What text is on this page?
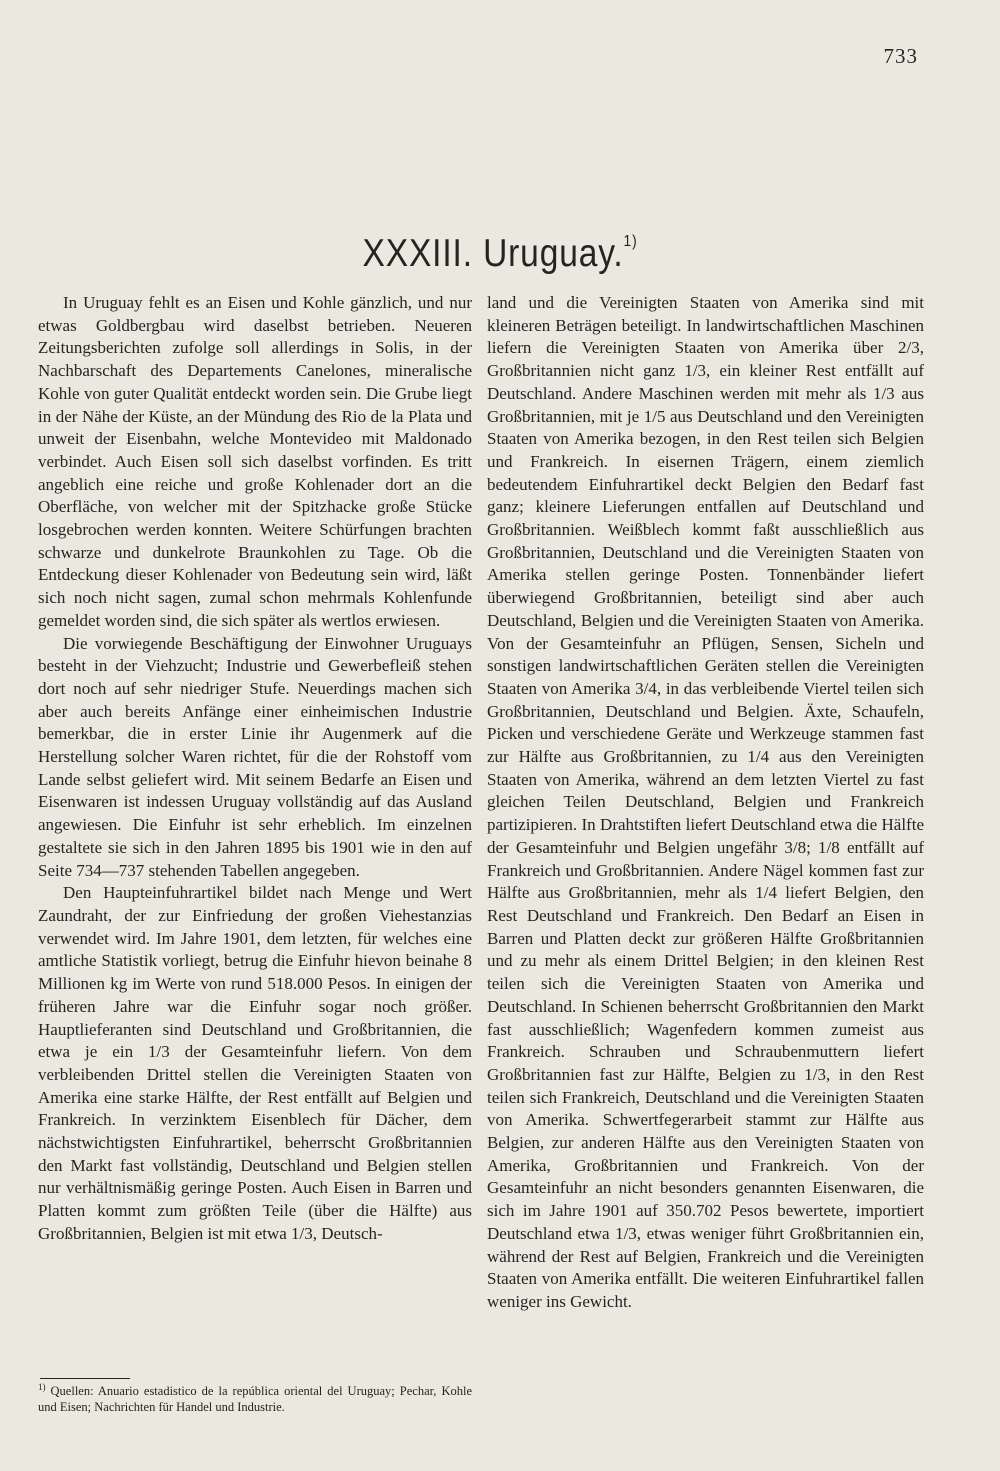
733
XXXIII. Uruguay.$^{1)}$

In Uruguay fehlt es an Eisen und Kohle gänzlich, und nur etwas Goldbergbau wird daselbst betrieben. Neueren Zeitungsberichten zufolge soll allerdings in Solis, in der Nachbarschaft des Departements Canelones, mineralische Kohle von guter Qualität entdeckt worden sein. Die Grube liegt in der Nähe der Küste, an der Mündung des Rio de la Plata und unweit der Eisenbahn, welche Montevideo mit Maldonado verbindet. Auch Eisen soll sich daselbst vorfinden. Es tritt angeblich eine reiche und große Kohlenader dort an die Oberfläche, von welcher mit der Spitzhacke große Stücke losgebrochen werden konnten. Weitere Schürfungen brachten schwarze und dunkelrote Braunkohlen zu Tage. Ob die Entdeckung dieser Kohlenader von Bedeutung sein wird, läßt sich noch nicht sagen, zumal schon mehrmals Kohlenfunde gemeldet worden sind, die sich später als wertlos erwiesen.

Die vorwiegende Beschäftigung der Einwohner Uruguays besteht in der Viehzucht; Industrie und Gewerbefleiß stehen dort noch auf sehr niedriger Stufe. Neuerdings machen sich aber auch bereits Anfänge einer einheimischen Industrie bemerkbar, die in erster Linie ihr Augenmerk auf die Herstellung solcher Waren richtet, für die der Rohstoff vom Lande selbst geliefert wird. Mit seinem Bedarfe an Eisen und Eisenwaren ist indessen Uruguay vollständig auf das Ausland angewiesen. Die Einfuhr ist sehr erheblich. Im einzelnen gestaltete sie sich in den Jahren 1895 bis 1901 wie in den auf Seite 734—737 stehenden Tabellen angegeben.

Den Haupteinfuhrartikel bildet nach Menge und Wert Zaundraht, der zur Einfriedung der großen Viehestanzias verwendet wird. Im Jahre 1901, dem letzten, für welches eine amtliche Statistik vorliegt, betrug die Einfuhr hievon beinahe 8 Millionen kg im Werte von rund 518.000 Pesos. In einigen der früheren Jahre war die Einfuhr sogar noch größer. Hauptlieferanten sind Deutschland und Großbritannien, die etwa je ein 1/3 der Gesamteinfuhr liefern. Von dem verbleibenden Drittel stellen die Vereinigten Staaten von Amerika eine starke Hälfte, der Rest entfällt auf Belgien und Frankreich. In verzinktem Eisenblech für Dächer, dem nächstwichtigsten Einfuhrartikel, beherrscht Großbritannien den Markt fast vollständig, Deutschland und Belgien stellen nur verhältnismäßig geringe Posten. Auch Eisen in Barren und Platten kommt zum größten Teile (über die Hälfte) aus Großbritannien, Belgien ist mit etwa 1/3, Deutsch-

land und die Vereinigten Staaten von Amerika sind mit kleineren Beträgen beteiligt. In landwirtschaftlichen Maschinen liefern die Vereinigten Staaten von Amerika über 2/3, Großbritannien nicht ganz 1/3, ein kleiner Rest entfällt auf Deutschland. Andere Maschinen werden mit mehr als 1/3 aus Großbritannien, mit je 1/5 aus Deutschland und den Vereinigten Staaten von Amerika bezogen, in den Rest teilen sich Belgien und Frankreich. In eisernen Trägern, einem ziemlich bedeutendem Einfuhrartikel deckt Belgien den Bedarf fast ganz; kleinere Lieferungen entfallen auf Deutschland und Großbritannien. Weißblech kommt faßt ausschließlich aus Großbritannien, Deutschland und die Vereinigten Staaten von Amerika stellen geringe Posten. Tonnenbänder liefert überwiegend Großbritannien, beteiligt sind aber auch Deutschland, Belgien und die Vereinigten Staaten von Amerika. Von der Gesamteinfuhr an Pflügen, Sensen, Sicheln und sonstigen landwirtschaftlichen Geräten stellen die Vereinigten Staaten von Amerika 3/4, in das verbleibende Viertel teilen sich Großbritannien, Deutschland und Belgien. Äxte, Schaufeln, Picken und verschiedene Geräte und Werkzeuge stammen fast zur Hälfte aus Großbritannien, zu 1/4 aus den Vereinigten Staaten von Amerika, während an dem letzten Viertel zu fast gleichen Teilen Deutschland, Belgien und Frankreich partizipieren. In Drahtstiften liefert Deutschland etwa die Hälfte der Gesamteinfuhr und Belgien ungefähr 3/8; 1/8 entfällt auf Frankreich und Großbritannien. Andere Nägel kommen fast zur Hälfte aus Großbritannien, mehr als 1/4 liefert Belgien, den Rest Deutschland und Frankreich. Den Bedarf an Eisen in Barren und Platten deckt zur größeren Hälfte Großbritannien und zu mehr als einem Drittel Belgien; in den kleinen Rest teilen sich die Vereinigten Staaten von Amerika und Deutschland. In Schienen beherrscht Großbritannien den Markt fast ausschließlich; Wagenfedern kommen zumeist aus Frankreich. Schrauben und Schraubenmuttern liefert Großbritannien fast zur Hälfte, Belgien zu 1/3, in den Rest teilen sich Frankreich, Deutschland und die Vereinigten Staaten von Amerika. Schwertfegerarbeit stammt zur Hälfte aus Belgien, zur anderen Hälfte aus den Vereinigten Staaten von Amerika, Großbritannien und Frankreich. Von der Gesamteinfuhr an nicht besonders genannten Eisenwaren, die sich im Jahre 1901 auf 350.702 Pesos bewertete, importiert Deutschland etwa 1/3, etwas weniger führt Großbritannien ein, während der Rest auf Belgien, Frankreich und die Vereinigten Staaten von Amerika entfällt. Die weiteren Einfuhrartikel fallen weniger ins Gewicht.

$^{1)}$ Quellen: Anuario estadistico de la república oriental del Uruguay; Pechar, Kohle und Eisen; Nachrichten für Handel und Industrie.
